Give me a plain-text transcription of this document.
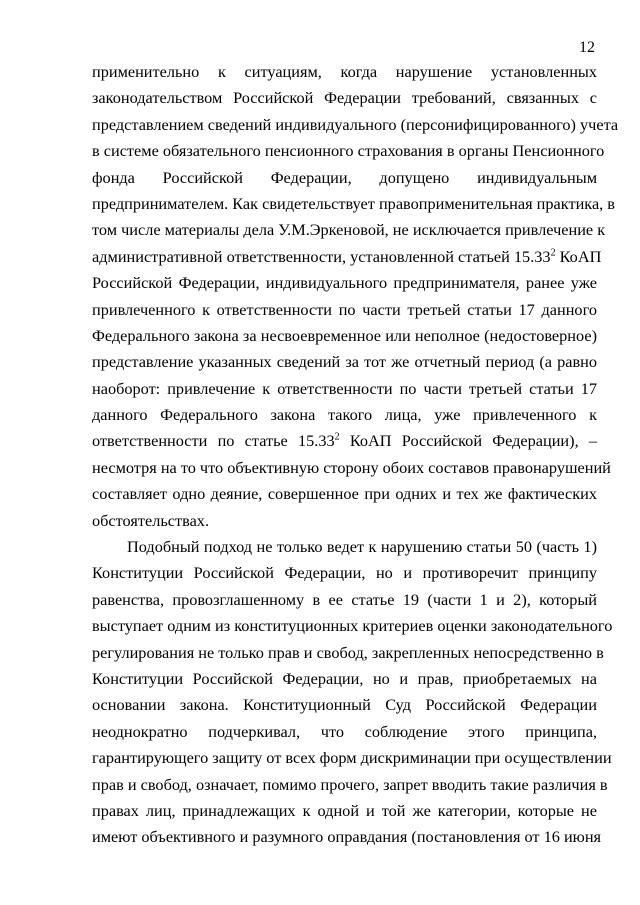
12
применительно к ситуациям, когда нарушение установленных
законодательством Российской Федерации требований, связанных с
представлением сведений индивидуального (персонифицированного) учета
в системе обязательного пенсионного страхования в органы Пенсионного
фонда Российской Федерации, допущено индивидуальным
предпринимателем. Как свидетельствует правоприменительная практика, в
том числе материалы дела У.М.Эркеновой, не исключается привлечение к
административной ответственности, установленной статьей 15.33$^2$ КоАП
Российской Федерации, индивидуального предпринимателя, ранее уже
привлеченного к ответственности по части третьей статьи 17 данного
Федерального закона за несвоевременное или неполное (недостоверное)
представление указанных сведений за тот же отчетный период (а равно
наоборот: привлечение к ответственности по части третьей статьи 17
данного Федерального закона такого лица, уже привлеченного к
ответственности по статье 15.33$^2$ КоАП Российской Федерации), –
несмотря на то что объективную сторону обоих составов правонарушений
составляет одно деяние, совершенное при одних и тех же фактических
обстоятельствах.
Подобный подход не только ведет к нарушению статьи 50 (часть 1)
Конституции Российской Федерации, но и противоречит принципу
равенства, провозглашенному в ее статье 19 (части 1 и 2), который
выступает одним из конституционных критериев оценки законодательного
регулирования не только прав и свобод, закрепленных непосредственно в
Конституции Российской Федерации, но и прав, приобретаемых на
основании закона. Конституционный Суд Российской Федерации
неоднократно подчеркивал, что соблюдение этого принципа,
гарантирующего защиту от всех форм дискриминации при осуществлении
прав и свобод, означает, помимо прочего, запрет вводить такие различия в
правах лиц, принадлежащих к одной и той же категории, которые не
имеют объективного и разумного оправдания (постановления от 16 июня
